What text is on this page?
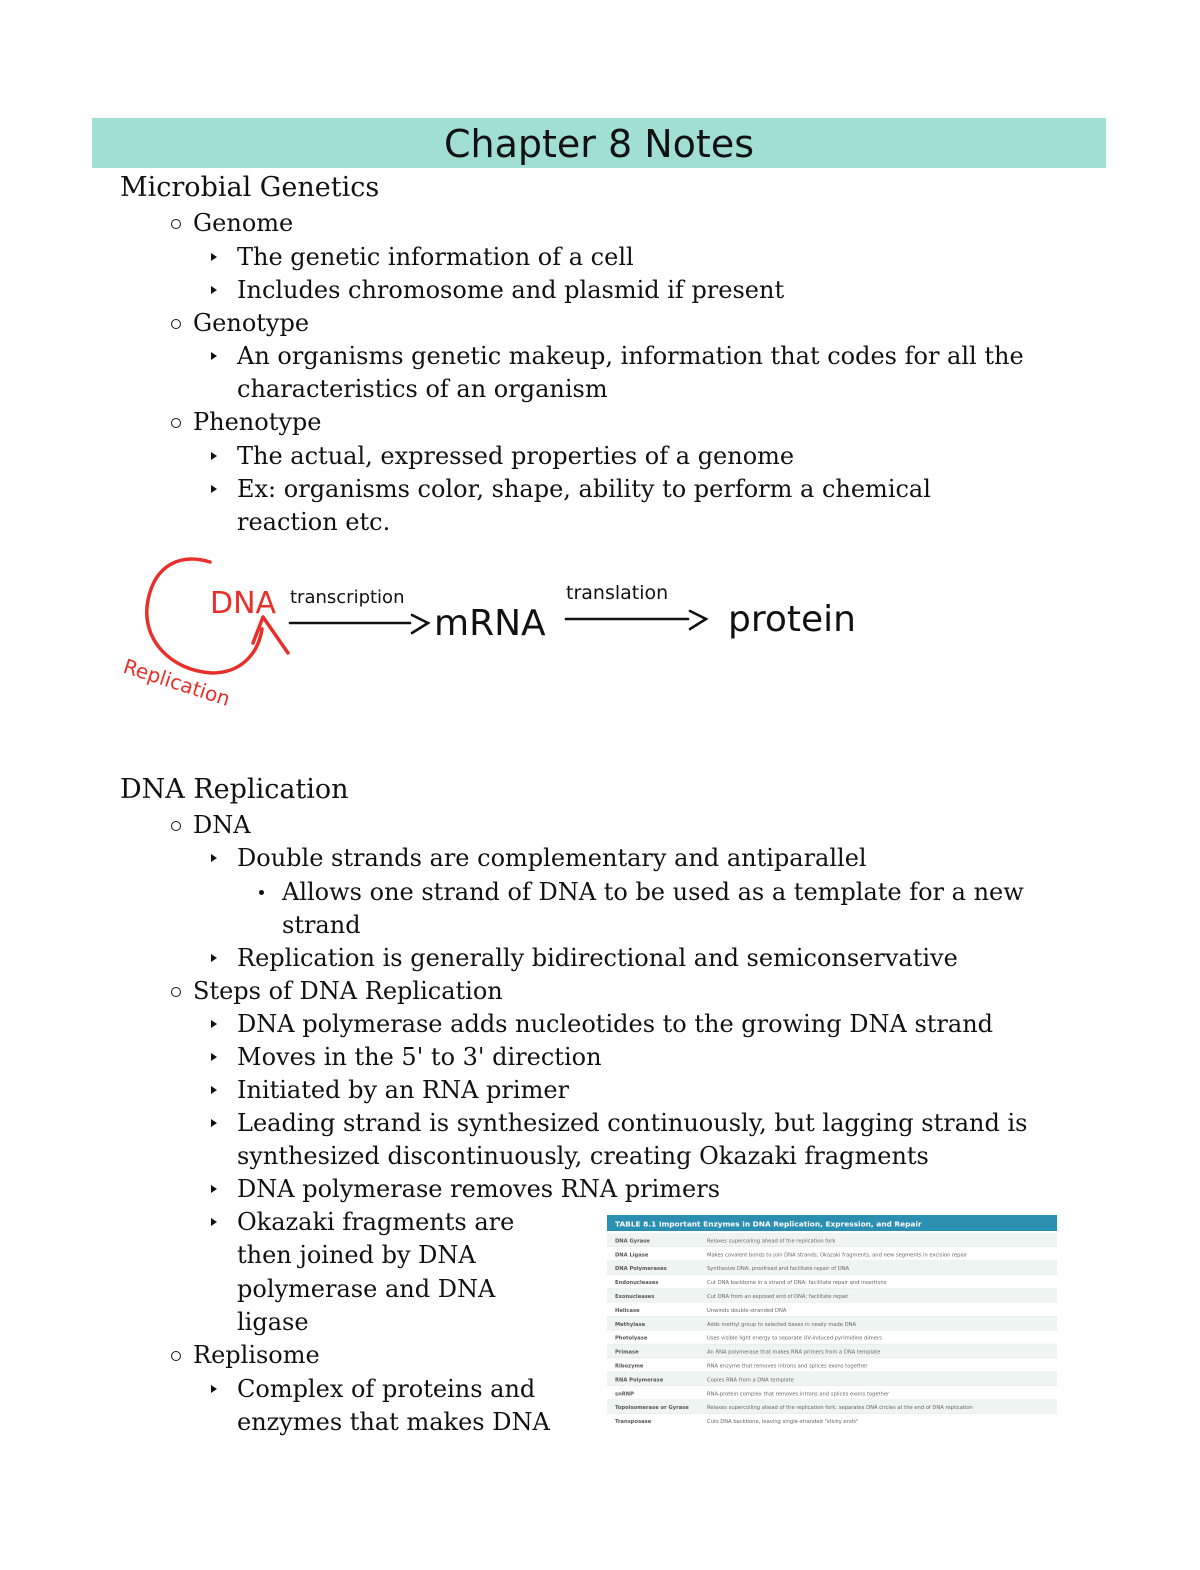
Chapter 8 Notes
Microbial Genetics
Genome
The genetic information of a cell
Includes chromosome and plasmid if present
Genotype
An organisms genetic makeup, information that codes for all the
characteristics of an organism
Phenotype
The actual, expressed properties of a genome
Ex: organisms color, shape, ability to perform a chemical
reaction etc.
DNA
Replication
transcription
mRNA
translation
protein
DNA Replication
DNA
Double strands are complementary and antiparallel
Allows one strand of DNA to be used as a template for a new
strand
Replication is generally bidirectional and semiconservative
Steps of DNA Replication
DNA polymerase adds nucleotides to the growing DNA strand
Moves in the 5' to 3' direction
Initiated by an RNA primer
Leading strand is synthesized continuously, but lagging strand is
synthesized discontinuously, creating Okazaki fragments
DNA polymerase removes RNA primers
Okazaki fragments are
then joined by DNA
polymerase and DNA
ligase
Replisome
Complex of proteins and
enzymes that makes DNA
TABLE 8.1 Important Enzymes in DNA Replication, Expression, and Repair
DNA Gyrase	Relaxes supercoiling ahead of the replication fork
DNA Ligase	Makes covalent bonds to join DNA strands; Okazaki fragments, and new segments in excision repair
DNA Polymerases	Synthesize DNA; proofread and facilitate repair of DNA
Endonucleases	Cut DNA backbone in a strand of DNA; facilitate repair and insertions
Exonucleases	Cut DNA from an exposed end of DNA; facilitate repair
Helicase	Unwinds double-stranded DNA
Methylase	Adds methyl group to selected bases in newly made DNA
Photolyase	Uses visible light energy to separate UV-induced pyrimidine dimers
Primase	An RNA polymerase that makes RNA primers from a DNA template
Ribozyme	RNA enzyme that removes introns and splices exons together
RNA Polymerase	Copies RNA from a DNA template
snRNP	RNA-protein complex that removes introns and splices exons together
Topoisomerase or Gyrase	Relaxes supercoiling ahead of the replication fork; separates DNA circles at the end of DNA replication
Transposase	Cuts DNA backbone, leaving single-stranded "sticky ends"
